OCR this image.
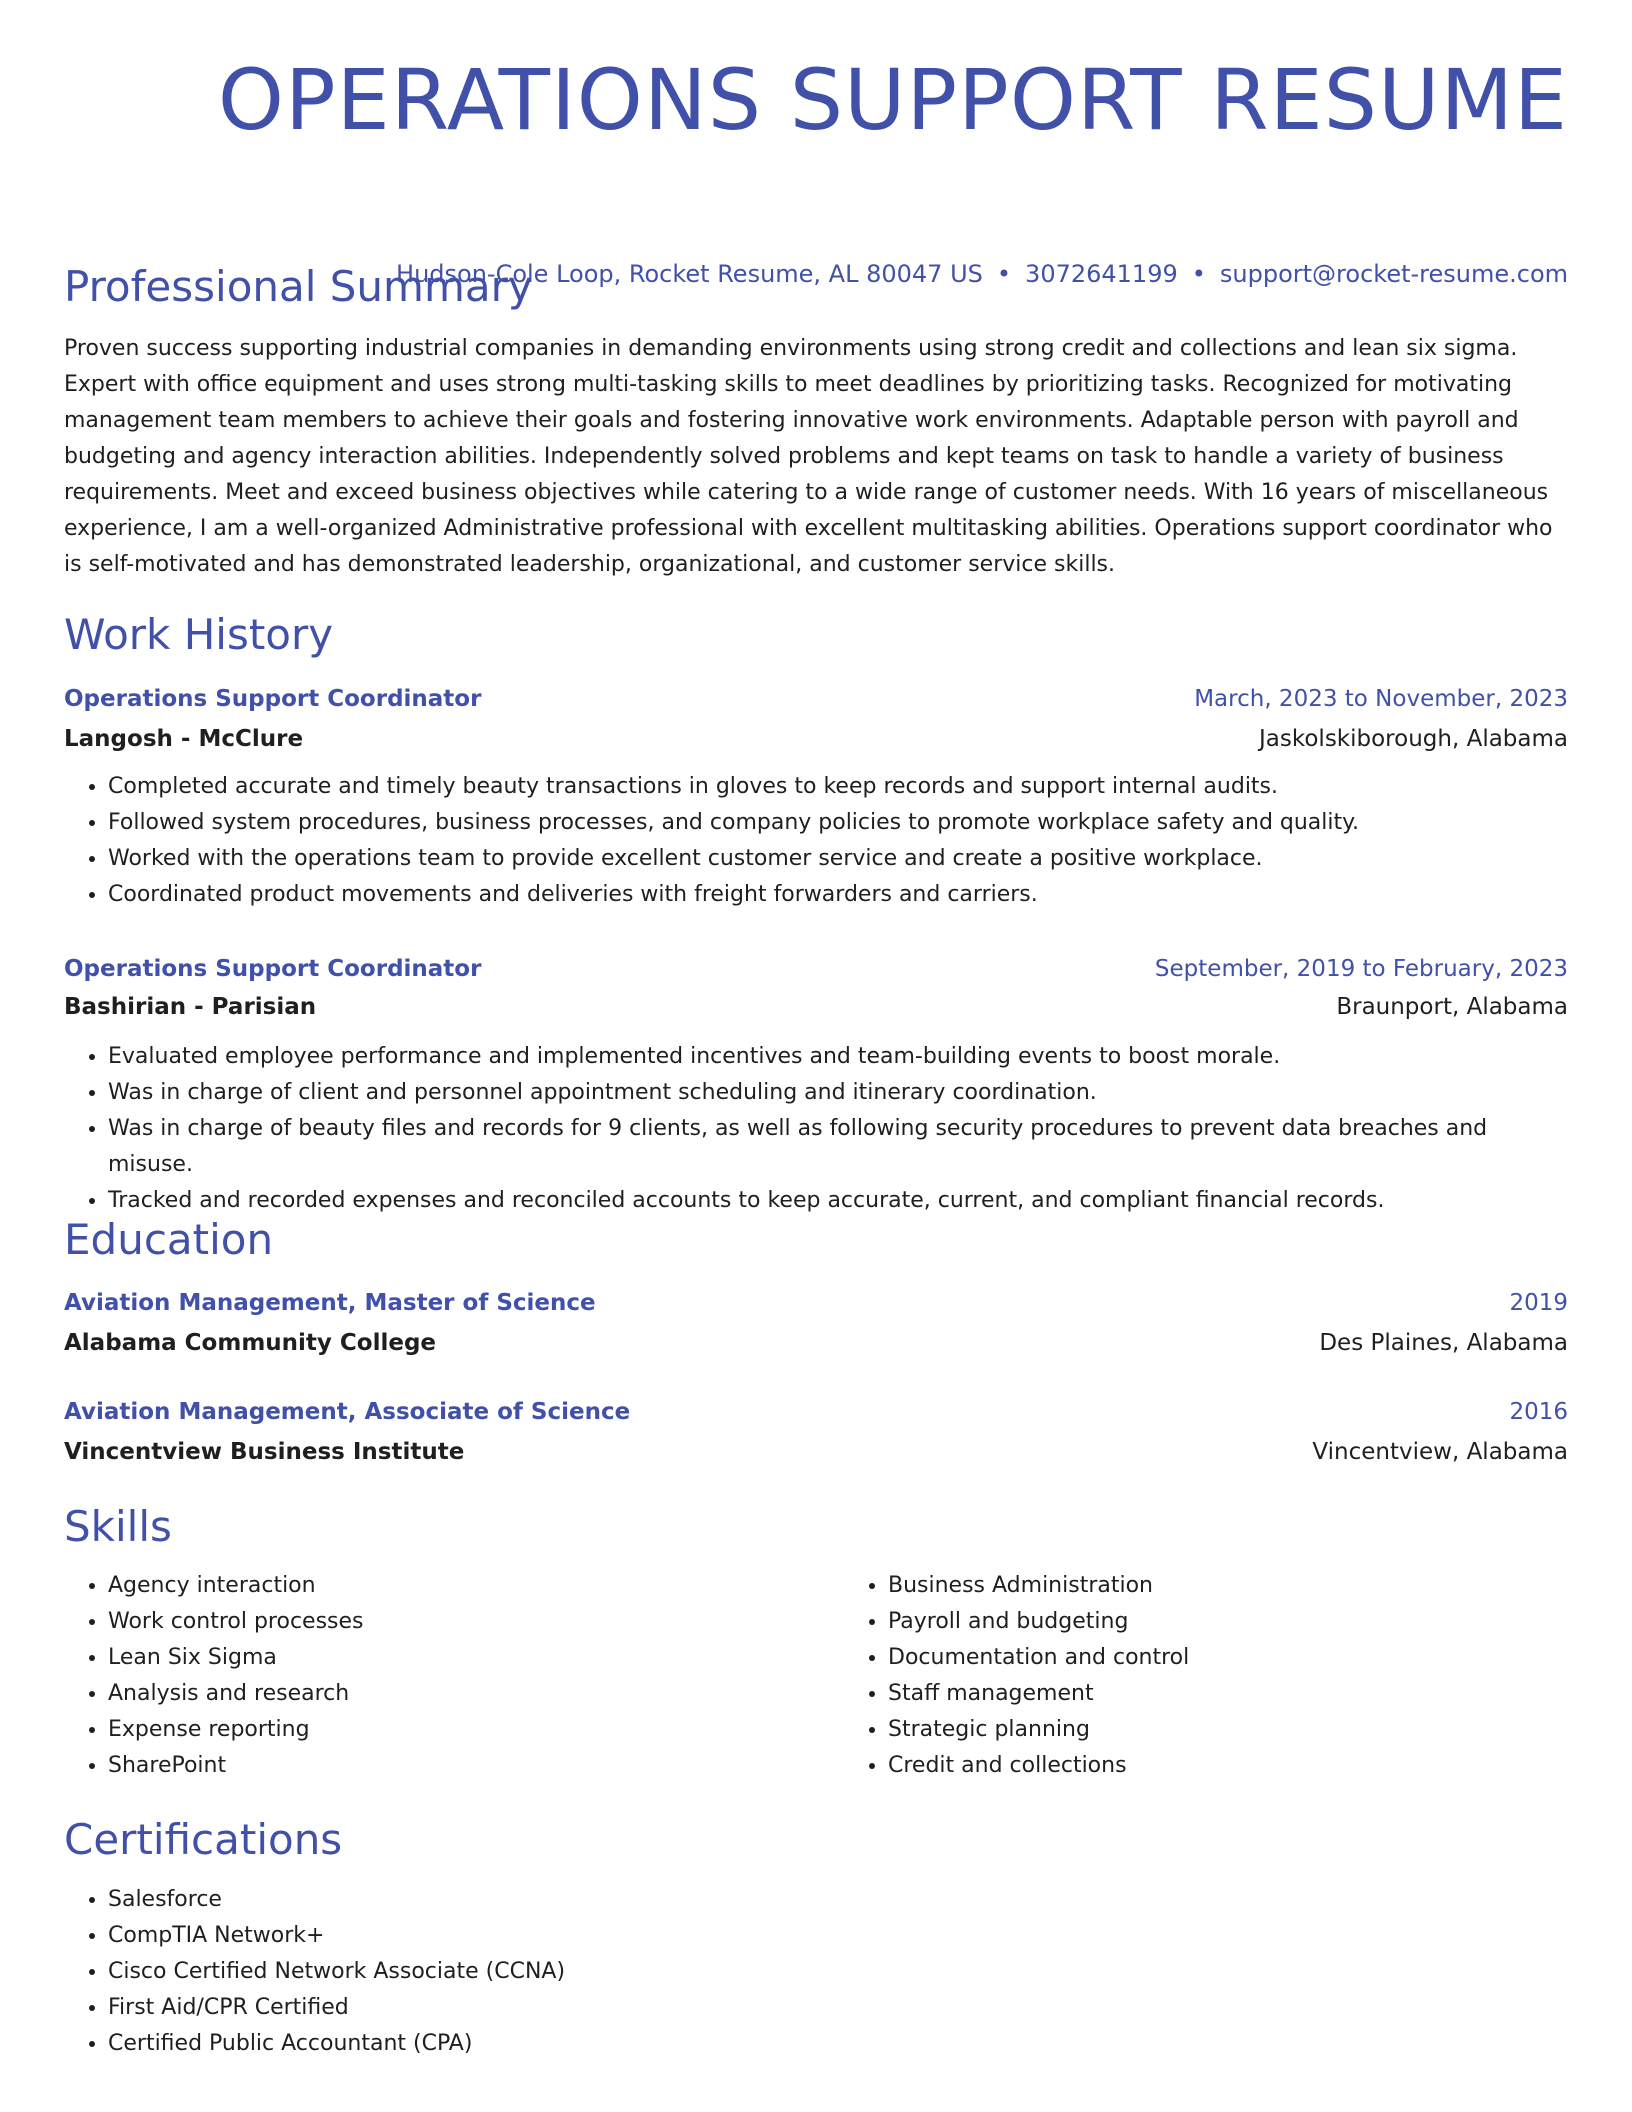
OPERATIONS SUPPORT RESUME
Hudson-Cole Loop, Rocket Resume, AL 80047 US • 3072641199 • support@rocket-resume.com
Professional Summary

Proven success supporting industrial companies in demanding environments using strong credit and collections and lean six sigma. Expert with office equipment and uses strong multi-tasking skills to meet deadlines by prioritizing tasks. Recognized for motivating management team members to achieve their goals and fostering innovative work environments. Adaptable person with payroll and budgeting and agency interaction abilities. Independently solved problems and kept teams on task to handle a variety of business requirements. Meet and exceed business objectives while catering to a wide range of customer needs. With 16 years of miscellaneous experience, I am a well-organized Administrative professional with excellent multitasking abilities. Operations support coordinator who is self-motivated and has demonstrated leadership, organizational, and customer service skills.

Work History
Operations Support Coordinator	March, 2023 to November, 2023
Langosh - McClure	Jaskolskiborough, Alabama
• Completed accurate and timely beauty transactions in gloves to keep records and support internal audits.
• Followed system procedures, business processes, and company policies to promote workplace safety and quality.
• Worked with the operations team to provide excellent customer service and create a positive workplace.
• Coordinated product movements and deliveries with freight forwarders and carriers.
Operations Support Coordinator	September, 2019 to February, 2023
Bashirian - Parisian	Braunport, Alabama
• Evaluated employee performance and implemented incentives and team-building events to boost morale.
• Was in charge of client and personnel appointment scheduling and itinerary coordination.
• Was in charge of beauty files and records for 9 clients, as well as following security procedures to prevent data breaches and misuse.
• Tracked and recorded expenses and reconciled accounts to keep accurate, current, and compliant financial records.
Education
Aviation Management, Master of Science	2019
Alabama Community College	Des Plaines, Alabama
Aviation Management, Associate of Science	2016
Vincentview Business Institute	Vincentview, Alabama
Skills
• Agency interaction
• Work control processes
• Lean Six Sigma
• Analysis and research
• Expense reporting
• SharePoint
• Business Administration
• Payroll and budgeting
• Documentation and control
• Staff management
• Strategic planning
• Credit and collections
Certifications
• Salesforce
• CompTIA Network+
• Cisco Certified Network Associate (CCNA)
• First Aid/CPR Certified
• Certified Public Accountant (CPA)
